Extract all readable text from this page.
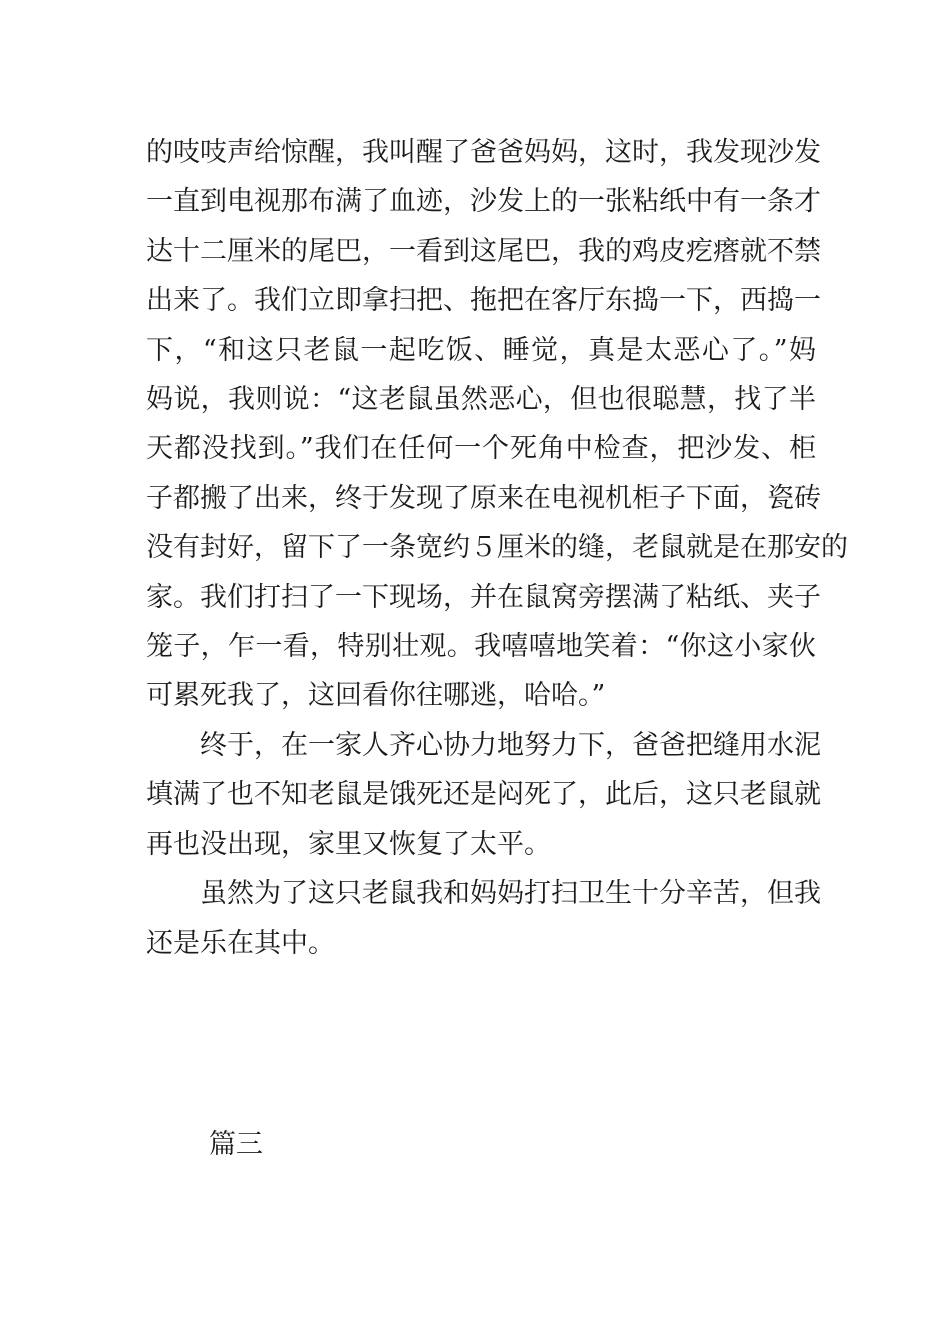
的吱吱声给惊醒，我叫醒了爸爸妈妈，这时，我发现沙发
一直到电视那布满了血迹，沙发上的一张粘纸中有一条才
达十二厘米的尾巴，一看到这尾巴，我的鸡皮疙瘩就不禁
出来了。我们立即拿扫把、拖把在客厅东捣一下，西捣一
下，“和这只老鼠一起吃饭、睡觉，真是太恶心了。”妈
妈说，我则说：“这老鼠虽然恶心，但也很聪慧，找了半
天都没找到。”我们在任何一个死角中检查，把沙发、柜
子都搬了出来，终于发现了原来在电视机柜子下面，瓷砖
没有封好，留下了一条宽约５厘米的缝，老鼠就是在那安的
家。我们打扫了一下现场，并在鼠窝旁摆满了粘纸、夹子
笼子，乍一看，特别壮观。我嘻嘻地笑着：“你这小家伙
可累死我了，这回看你往哪逃，哈哈。”
终于，在一家人齐心协力地努力下，爸爸把缝用水泥
填满了也不知老鼠是饿死还是闷死了，此后，这只老鼠就
再也没出现，家里又恢复了太平。
虽然为了这只老鼠我和妈妈打扫卫生十分辛苦，但我
还是乐在其中。
篇三
